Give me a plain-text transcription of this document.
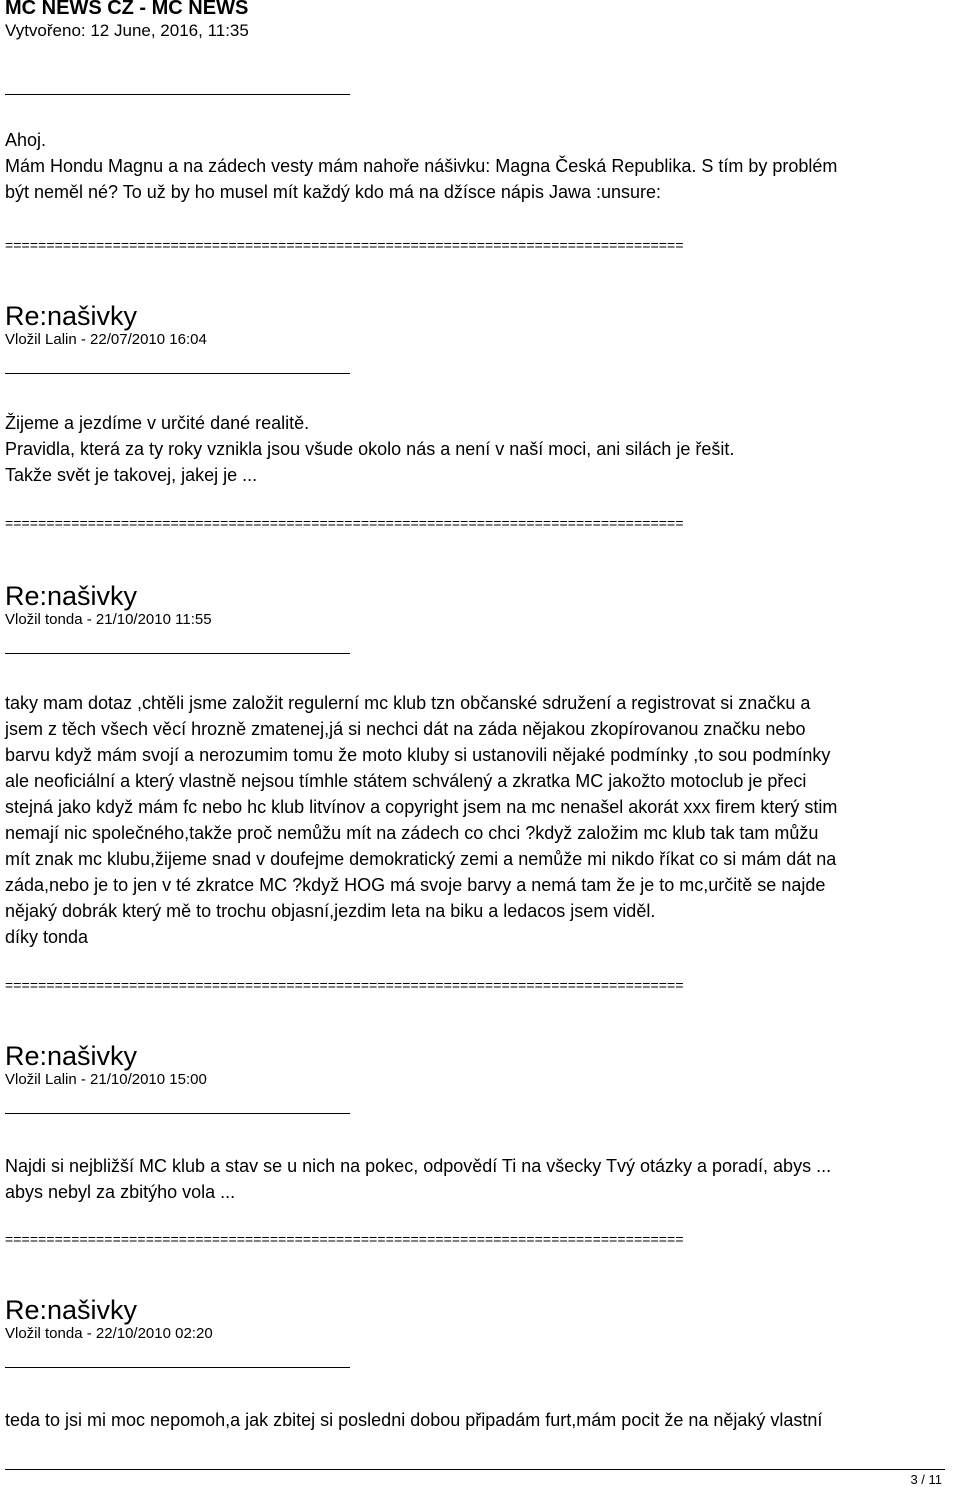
MC NEWS CZ - MC NEWS
Vytvořeno: 12 June, 2016, 11:35
Ahoj.
Mám Hondu Magnu a na zádech vesty mám nahoře nášivku: Magna Česká Republika. S tím by problém
být neměl né? To už by ho musel mít každý kdo má na džísce nápis Jawa :unsure:
==================================================================================
Re:našivky
Vložil Lalin - 22/07/2010 16:04
Žijeme a jezdíme v určité dané realitě.
Pravidla, která za ty roky vznikla jsou všude okolo nás a není v naší moci, ani silách je řešit.
Takže svět je takovej, jakej je ...
==================================================================================
Re:našivky
Vložil tonda - 21/10/2010 11:55
taky mam dotaz ,chtěli jsme založit regulerní mc klub tzn občanské sdružení a registrovat si značku a
jsem z těch všech věcí hrozně zmatenej,já si nechci dát na záda nějakou zkopírovanou značku nebo
barvu když mám svojí a nerozumim tomu že moto kluby si ustanovili nějaké podmínky ,to sou podmínky
ale neoficiální a který vlastně nejsou tímhle státem schválený a zkratka MC jakožto motoclub je přeci
stejná jako když mám fc nebo hc klub litvínov a copyright jsem na mc nenašel akorát xxx firem který stim
nemají nic společného,takže proč nemůžu mít na zádech co chci ?když založim mc klub tak tam můžu
mít znak mc klubu,žijeme snad v doufejme demokratický zemi a nemůže mi nikdo říkat co si mám dát na
záda,nebo je to jen v té zkratce MC ?když HOG má svoje barvy a nemá tam že je to mc,určitě se najde
nějaký dobrák který mě to trochu objasní,jezdim leta na biku a ledacos jsem viděl.
díky tonda
==================================================================================
Re:našivky
Vložil Lalin - 21/10/2010 15:00
Najdi si nejbližší MC klub a stav se u nich na pokec, odpovědí Ti na všecky Tvý otázky a poradí, abys ...
abys nebyl za zbitýho vola ...
==================================================================================
Re:našivky
Vložil tonda - 22/10/2010 02:20
teda to jsi mi moc nepomoh,a jak zbitej si posledni dobou připadám furt,mám pocit že na nějaký vlastní
3 / 11
